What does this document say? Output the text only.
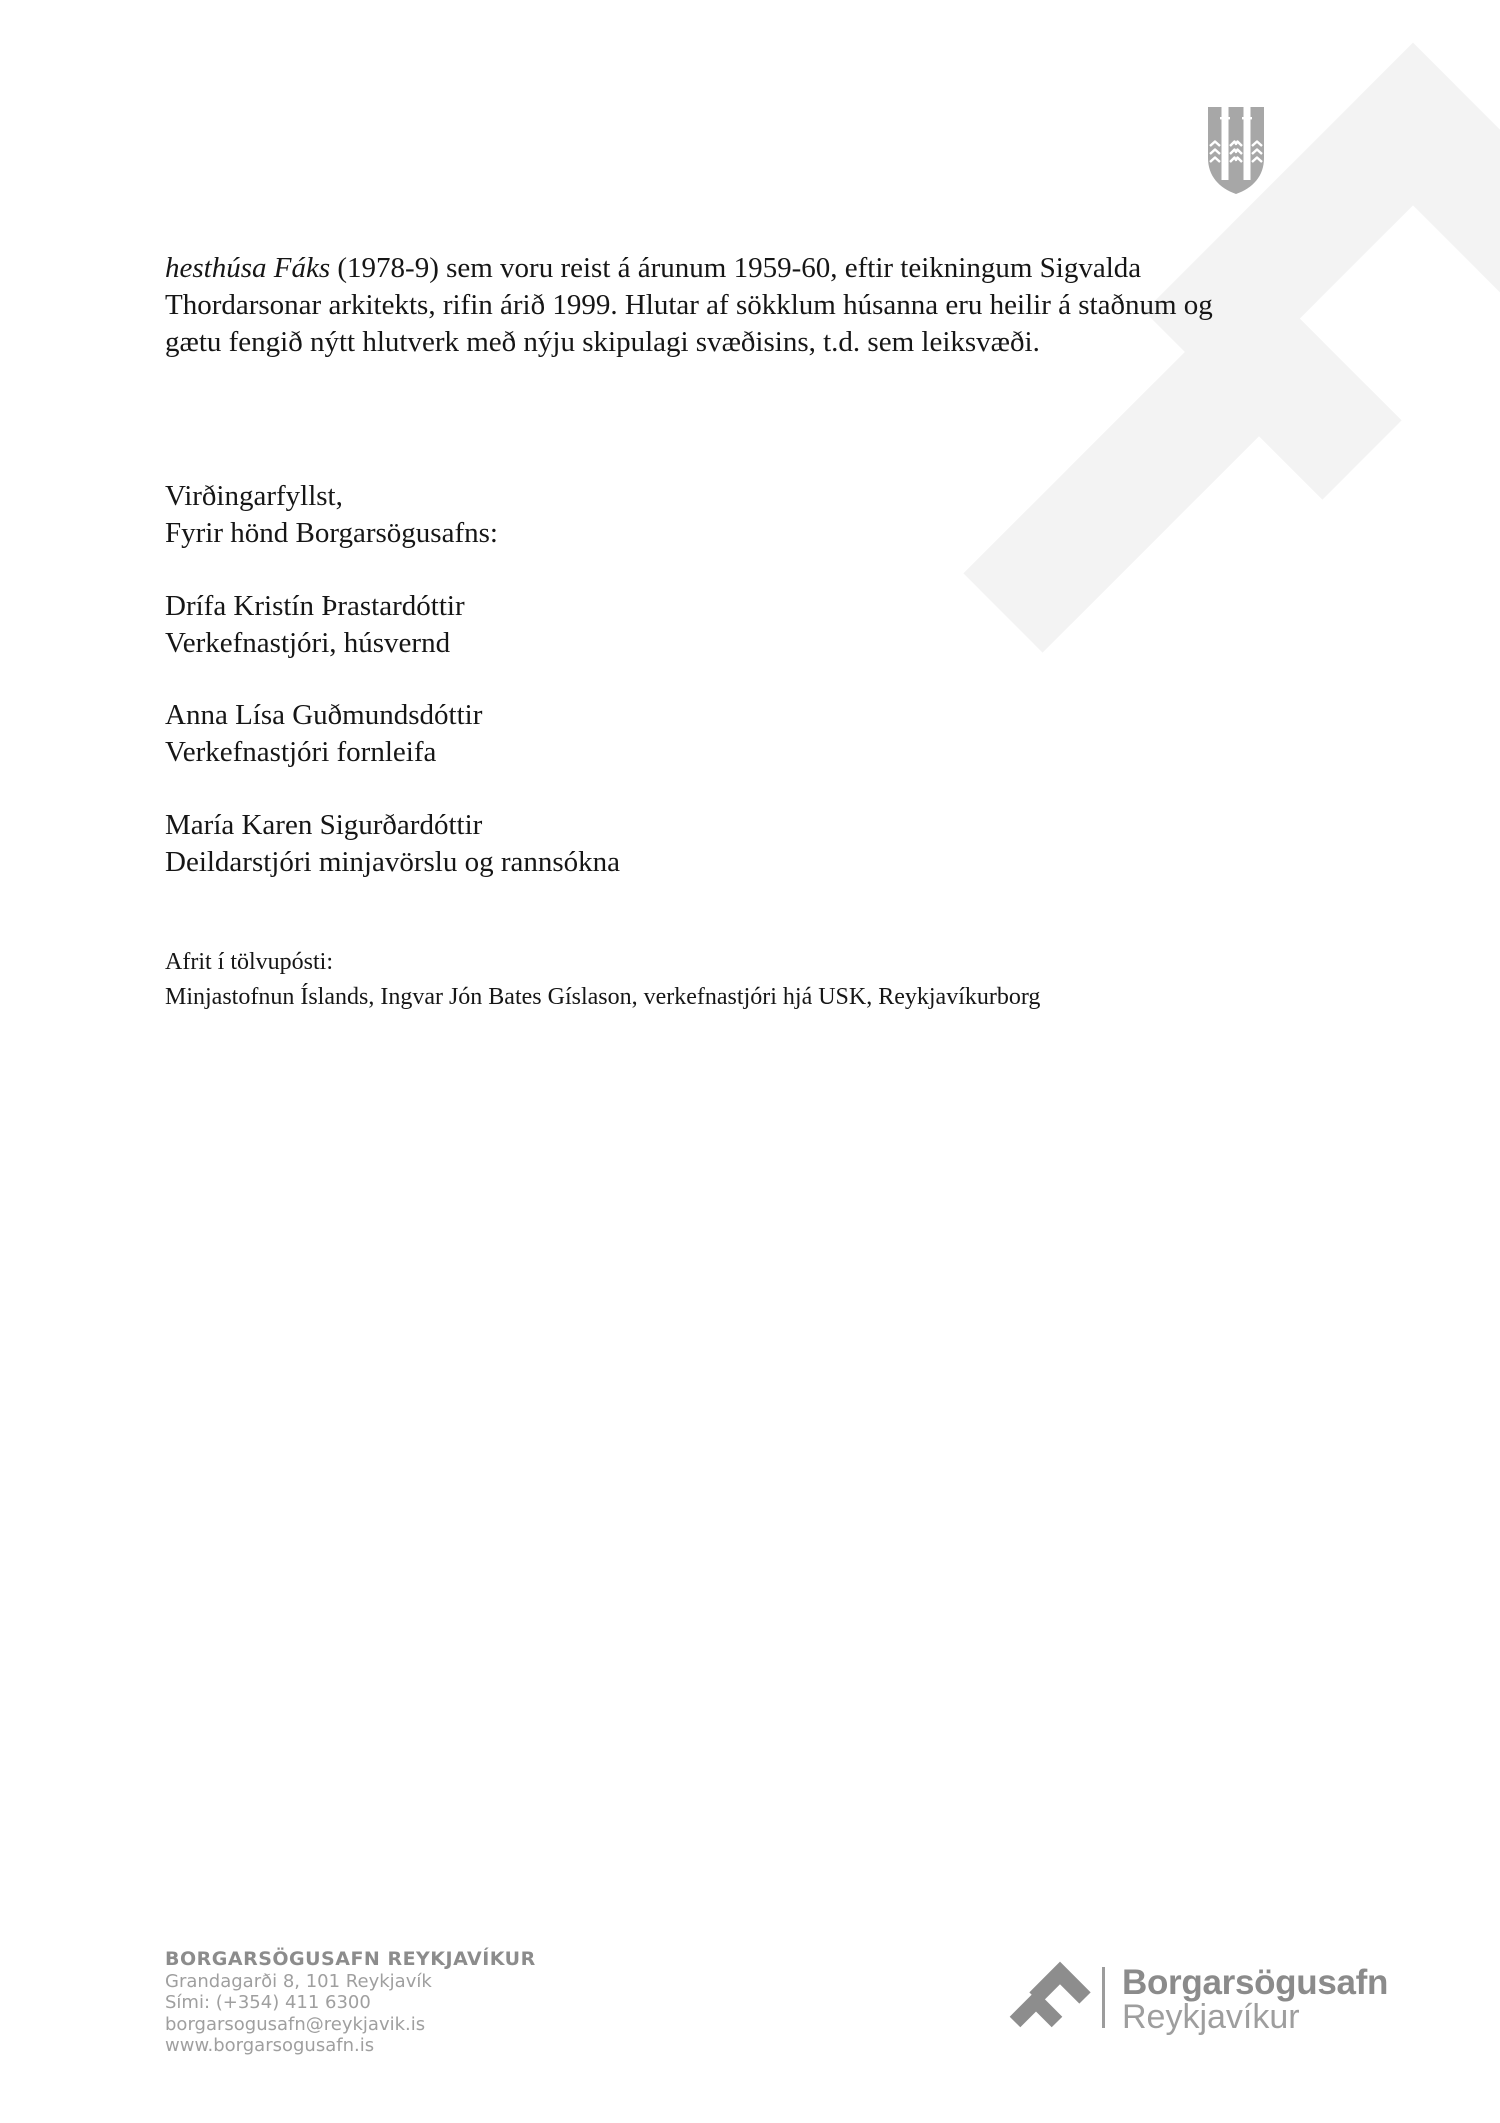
hesthúsa Fáks (1978-9) sem voru reist á árunum 1959-60, eftir teikningum Sigvalda
Thordarsonar arkitekts, rifin árið 1999. Hlutar af sökklum húsanna eru heilir á staðnum og
gætu fengið nýtt hlutverk með nýju skipulagi svæðisins, t.d. sem leiksvæði.
Virðingarfyllst,
Fyrir hönd Borgarsögusafns:
Drífa Kristín Þrastardóttir
Verkefnastjóri, húsvernd
Anna Lísa Guðmundsdóttir
Verkefnastjóri fornleifa
María Karen Sigurðardóttir
Deildarstjóri minjavörslu og rannsókna
Afrit í tölvupósti:
Minjastofnun Íslands, Ingvar Jón Bates Gíslason, verkefnastjóri hjá USK, Reykjavíkurborg
BORGARSÖGUSAFN REYKJAVÍKUR
Grandagarði 8, 101 Reykjavík
Sími: (+354) 411 6300
borgarsogusafn@reykjavik.is
www.borgarsogusafn.is
Borgarsögusafn
Reykjavíkur
